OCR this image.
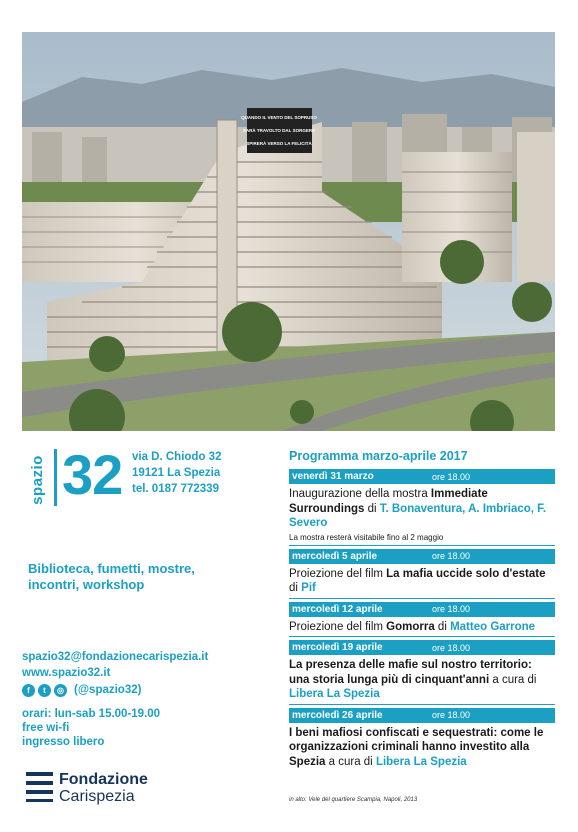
QUANDO IL VENTO DEL SOPRUSO
SARÀ TRAVOLTO DAL SORGERE
SPIRERÀ VERSO LA FELICITÀ
spazio 32 via D. Chiodo 32
19121 La Spezia
tel. 0187 772339
Biblioteca, fumetti, mostre, incontri, workshop
spazio32@fondazionecarispezia.it
www.spazio32.it
f	t	◎ (@spazio32)
orari: lun-sab 15.00-19.00
free wi-fi
ingresso libero
Fondazione
Carispezia
Programma marzo-aprile 2017
venerdì 31 marzo	ore 18.00
Inaugurazione della mostra Immediate Surroundings di T. Bonaventura, A. Imbriaco, F. Severo
La mostra resterà visitabile fino al 2 maggio
mercoledì 5 aprile	ore 18.00
Proiezione del film La mafia uccide solo d'estate di Pif
mercoledì 12 aprile	ore 18.00
Proiezione del film Gomorra di Matteo Garrone
mercoledì 19 aprile	ore 18.00
La presenza delle mafie sul nostro territorio: una storia lunga più di cinquant'anni a cura di Libera La Spezia
mercoledì 26 aprile	ore 18.00
I beni mafiosi confiscati e sequestrati: come le organizzazioni criminali hanno investito alla Spezia a cura di Libera La Spezia
in alto: Vele del quartiere Scampia, Napoli, 2013
